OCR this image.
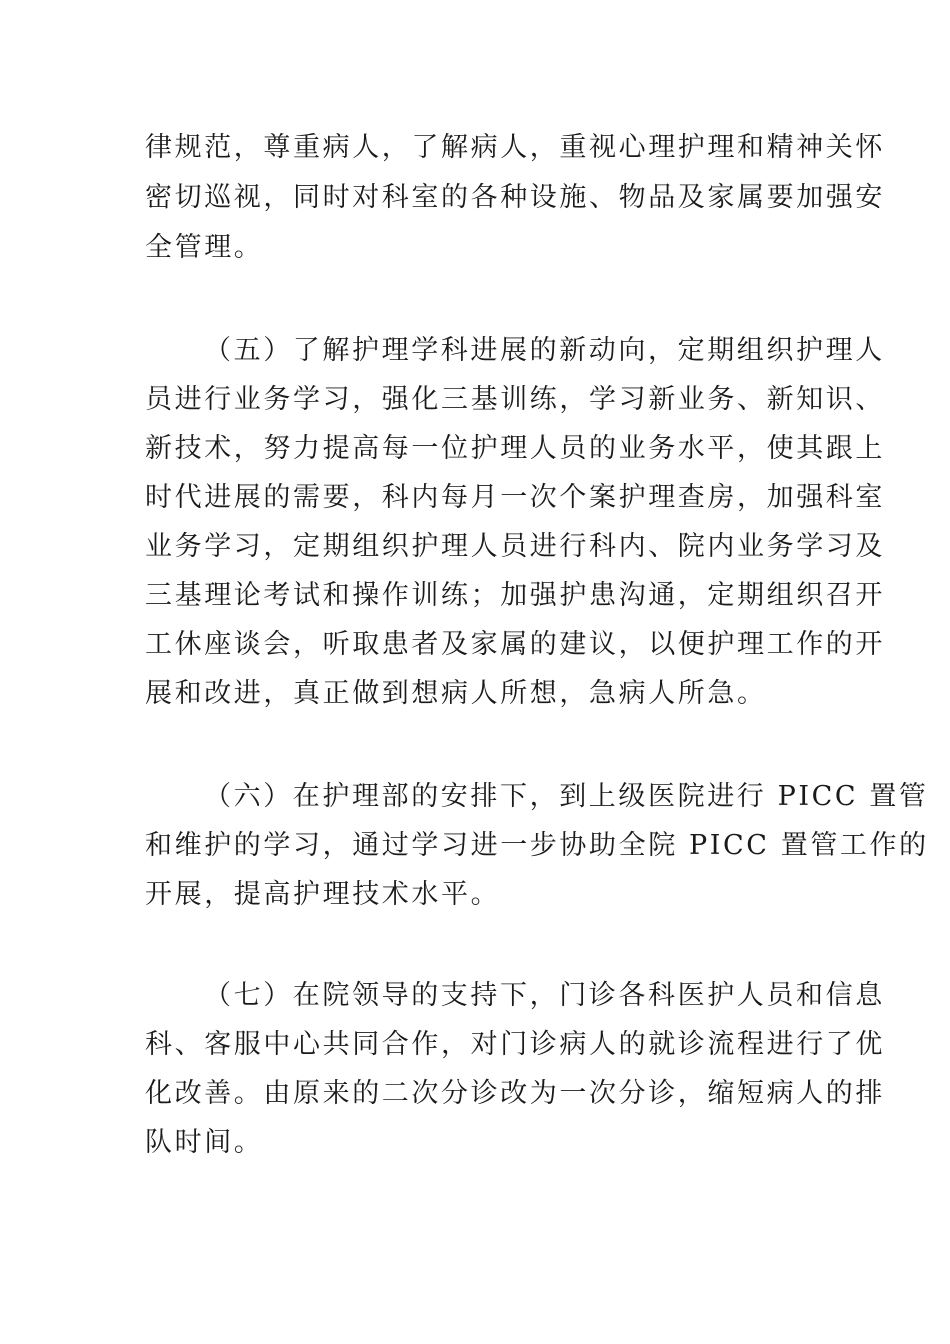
律规范，尊重病人，了解病人，重视心理护理和精神关怀
密切巡视，同时对科室的各种设施、物品及家属要加强安
全管理。
（五）了解护理学科进展的新动向，定期组织护理人
员进行业务学习，强化三基训练，学习新业务、新知识、
新技术，努力提高每一位护理人员的业务水平，使其跟上
时代进展的需要，科内每月一次个案护理查房，加强科室
业务学习，定期组织护理人员进行科内、院内业务学习及
三基理论考试和操作训练；加强护患沟通，定期组织召开
工休座谈会，听取患者及家属的建议，以便护理工作的开
展和改进，真正做到想病人所想，急病人所急。
（六）在护理部的安排下，到上级医院进行 PICC 置管
和维护的学习，通过学习进一步协助全院 PICC 置管工作的
开展，提高护理技术水平。
（七）在院领导的支持下，门诊各科医护人员和信息
科、客服中心共同合作，对门诊病人的就诊流程进行了优
化改善。由原来的二次分诊改为一次分诊，缩短病人的排
队时间。
